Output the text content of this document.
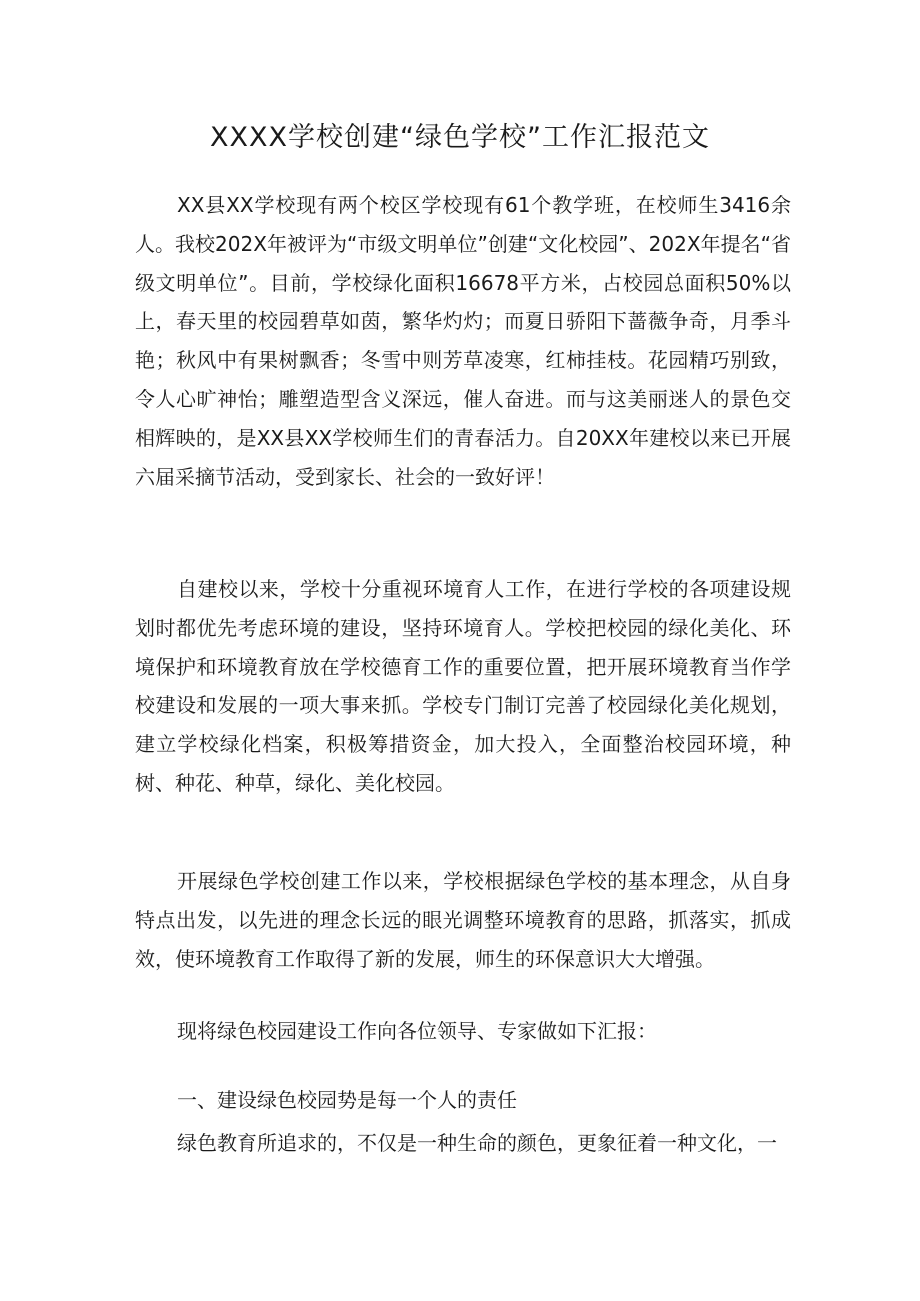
XXXX学校创建“绿色学校”工作汇报范文

XX县XX学校现有两个校区学校现有61个教学班，在校师生3416余人。我校202X年被评为“市级文明单位”创建“文化校园”、202X年提名“省级文明单位”。目前，学校绿化面积16678平方米，占校园总面积50%以上，春天里的校园碧草如茵，繁华灼灼；而夏日骄阳下蔷薇争奇，月季斗艳；秋风中有果树飘香；冬雪中则芳草凌寒，红柿挂枝。花园精巧别致，令人心旷神怡；雕塑造型含义深远，催人奋进。而与这美丽迷人的景色交相辉映的，是XX县XX学校师生们的青春活力。自20XX年建校以来已开展六届采摘节活动，受到家长、社会的一致好评！

自建校以来，学校十分重视环境育人工作，在进行学校的各项建设规划时都优先考虑环境的建设，坚持环境育人。学校把校园的绿化美化、环境保护和环境教育放在学校德育工作的重要位置，把开展环境教育当作学校建设和发展的一项大事来抓。学校专门制订完善了校园绿化美化规划，建立学校绿化档案，积极筹措资金，加大投入，全面整治校园环境，种树、种花、种草，绿化、美化校园。

开展绿色学校创建工作以来，学校根据绿色学校的基本理念，从自身特点出发，以先进的理念长远的眼光调整环境教育的思路，抓落实，抓成效，使环境教育工作取得了新的发展，师生的环保意识大大增强。

现将绿色校园建设工作向各位领导、专家做如下汇报：

一、建设绿色校园势是每一个人的责任

绿色教育所追求的，不仅是一种生命的颜色，更象征着一种文化，一
